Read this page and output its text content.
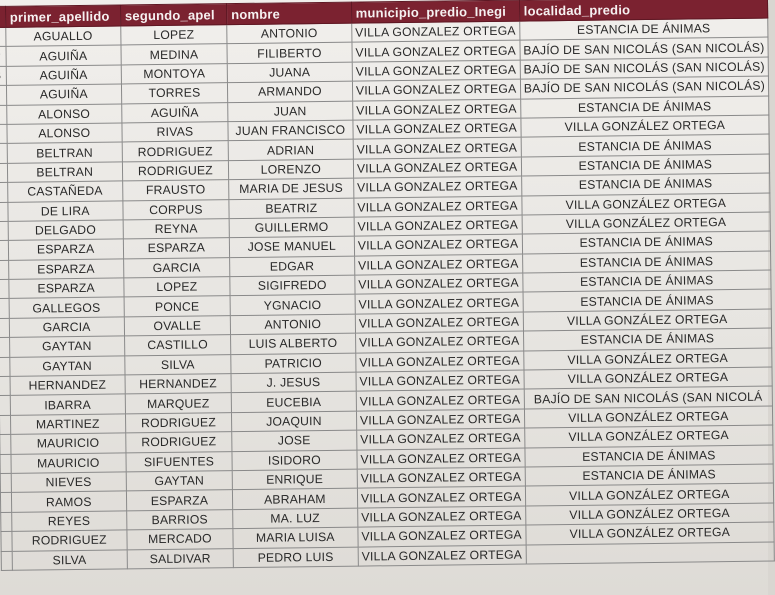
	primer_apellido	segundo_apel	nombre	municipio_predio_Inegi	localidad_predio
	AGUALLO	LOPEZ	ANTONIO	VILLA GONZALEZ ORTEGA	ESTANCIA DE ÁNIMAS
	AGUIÑA	MEDINA	FILIBERTO	VILLA GONZALEZ ORTEGA	BAJÍO DE SAN NICOLÁS (SAN NICOLÁS)
	AGUIÑA	MONTOYA	JUANA	VILLA GONZALEZ ORTEGA	BAJÍO DE SAN NICOLÁS (SAN NICOLÁS)
	AGUIÑA	TORRES	ARMANDO	VILLA GONZALEZ ORTEGA	BAJÍO DE SAN NICOLÁS (SAN NICOLÁS)
	ALONSO	AGUIÑA	JUAN	VILLA GONZALEZ ORTEGA	ESTANCIA DE ÁNIMAS
	ALONSO	RIVAS	JUAN FRANCISCO	VILLA GONZALEZ ORTEGA	VILLA GONZÁLEZ ORTEGA
	BELTRAN	RODRIGUEZ	ADRIAN	VILLA GONZALEZ ORTEGA	ESTANCIA DE ÁNIMAS
	BELTRAN	RODRIGUEZ	LORENZO	VILLA GONZALEZ ORTEGA	ESTANCIA DE ÁNIMAS
	CASTAÑEDA	FRAUSTO	MARIA DE JESUS	VILLA GONZALEZ ORTEGA	ESTANCIA DE ÁNIMAS
	DE LIRA	CORPUS	BEATRIZ	VILLA GONZALEZ ORTEGA	VILLA GONZÁLEZ ORTEGA
	DELGADO	REYNA	GUILLERMO	VILLA GONZALEZ ORTEGA	VILLA GONZÁLEZ ORTEGA
	ESPARZA	ESPARZA	JOSE MANUEL	VILLA GONZALEZ ORTEGA	ESTANCIA DE ÁNIMAS
	ESPARZA	GARCIA	EDGAR	VILLA GONZALEZ ORTEGA	ESTANCIA DE ÁNIMAS
	ESPARZA	LOPEZ	SIGIFREDO	VILLA GONZALEZ ORTEGA	ESTANCIA DE ÁNIMAS
	GALLEGOS	PONCE	YGNACIO	VILLA GONZALEZ ORTEGA	ESTANCIA DE ÁNIMAS
	GARCIA	OVALLE	ANTONIO	VILLA GONZALEZ ORTEGA	VILLA GONZÁLEZ ORTEGA
	GAYTAN	CASTILLO	LUIS ALBERTO	VILLA GONZALEZ ORTEGA	ESTANCIA DE ÁNIMAS
	GAYTAN	SILVA	PATRICIO	VILLA GONZALEZ ORTEGA	VILLA GONZÁLEZ ORTEGA
	HERNANDEZ	HERNANDEZ	J. JESUS	VILLA GONZALEZ ORTEGA	VILLA GONZÁLEZ ORTEGA
	IBARRA	MARQUEZ	EUCEBIA	VILLA GONZALEZ ORTEGA	BAJÍO DE SAN NICOLÁS (SAN NICOLÁ
	MARTINEZ	RODRIGUEZ	JOAQUIN	VILLA GONZALEZ ORTEGA	VILLA GONZÁLEZ ORTEGA
	MAURICIO	RODRIGUEZ	JOSE	VILLA GONZALEZ ORTEGA	VILLA GONZÁLEZ ORTEGA
	MAURICIO	SIFUENTES	ISIDORO	VILLA GONZALEZ ORTEGA	ESTANCIA DE ÁNIMAS
	NIEVES	GAYTAN	ENRIQUE	VILLA GONZALEZ ORTEGA	ESTANCIA DE ÁNIMAS
	RAMOS	ESPARZA	ABRAHAM	VILLA GONZALEZ ORTEGA	VILLA GONZÁLEZ ORTEGA
	REYES	BARRIOS	MA. LUZ	VILLA GONZALEZ ORTEGA	VILLA GONZÁLEZ ORTEGA
	RODRIGUEZ	MERCADO	MARIA LUISA	VILLA GONZALEZ ORTEGA	VILLA GONZÁLEZ ORTEGA
	SILVA	SALDIVAR	PEDRO LUIS	VILLA GONZALEZ ORTEGA	
